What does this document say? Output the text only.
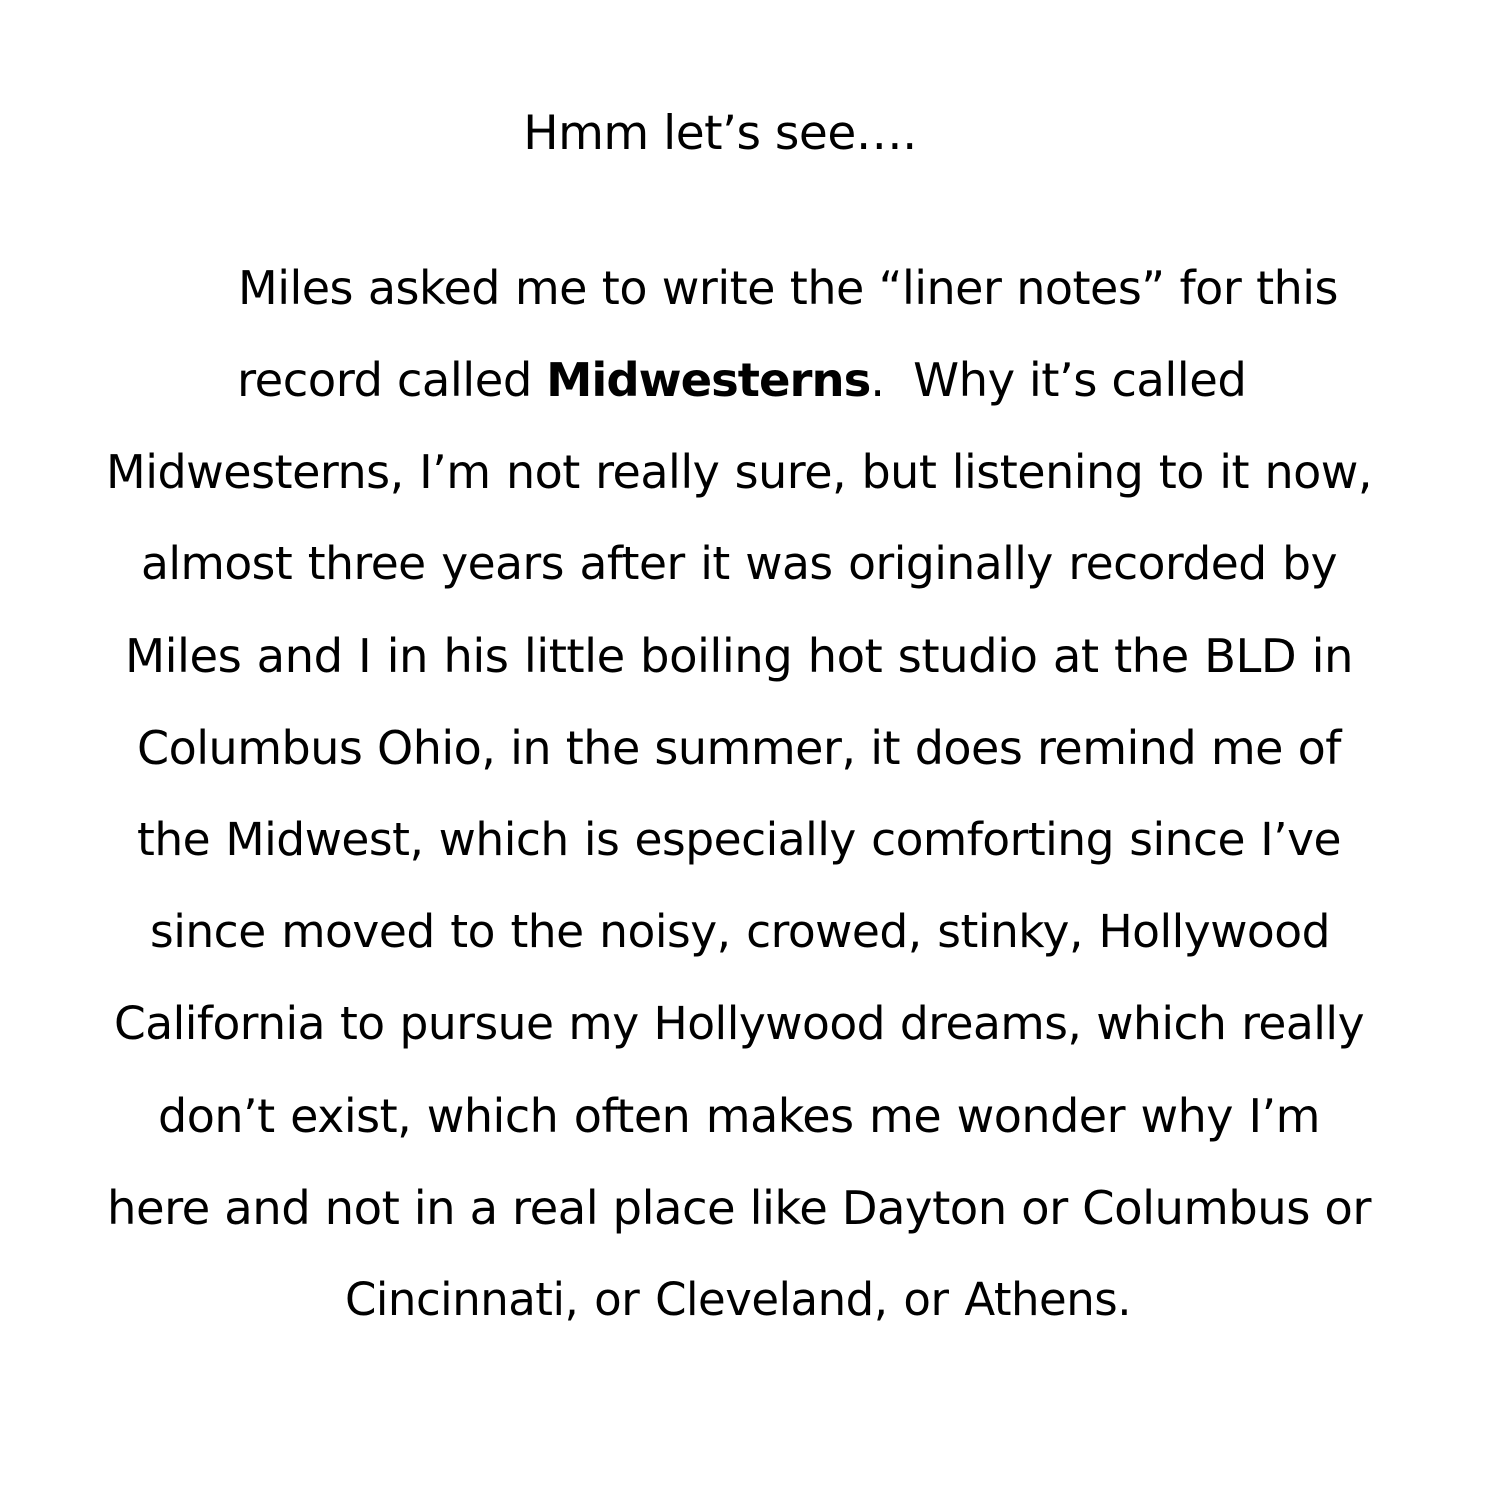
Hmm let’s see….
Miles asked me to write the “liner notes” for this
record called Midwesterns.  Why it’s called
Midwesterns, I’m not really sure, but listening to it now,
almost three years after it was originally recorded by
Miles and I in his little boiling hot studio at the BLD in
Columbus Ohio, in the summer, it does remind me of
the Midwest, which is especially comforting since I’ve
since moved to the noisy, crowed, stinky, Hollywood
California to pursue my Hollywood dreams, which really
don’t exist, which often makes me wonder why I’m
here and not in a real place like Dayton or Columbus or
Cincinnati, or Cleveland, or Athens.
